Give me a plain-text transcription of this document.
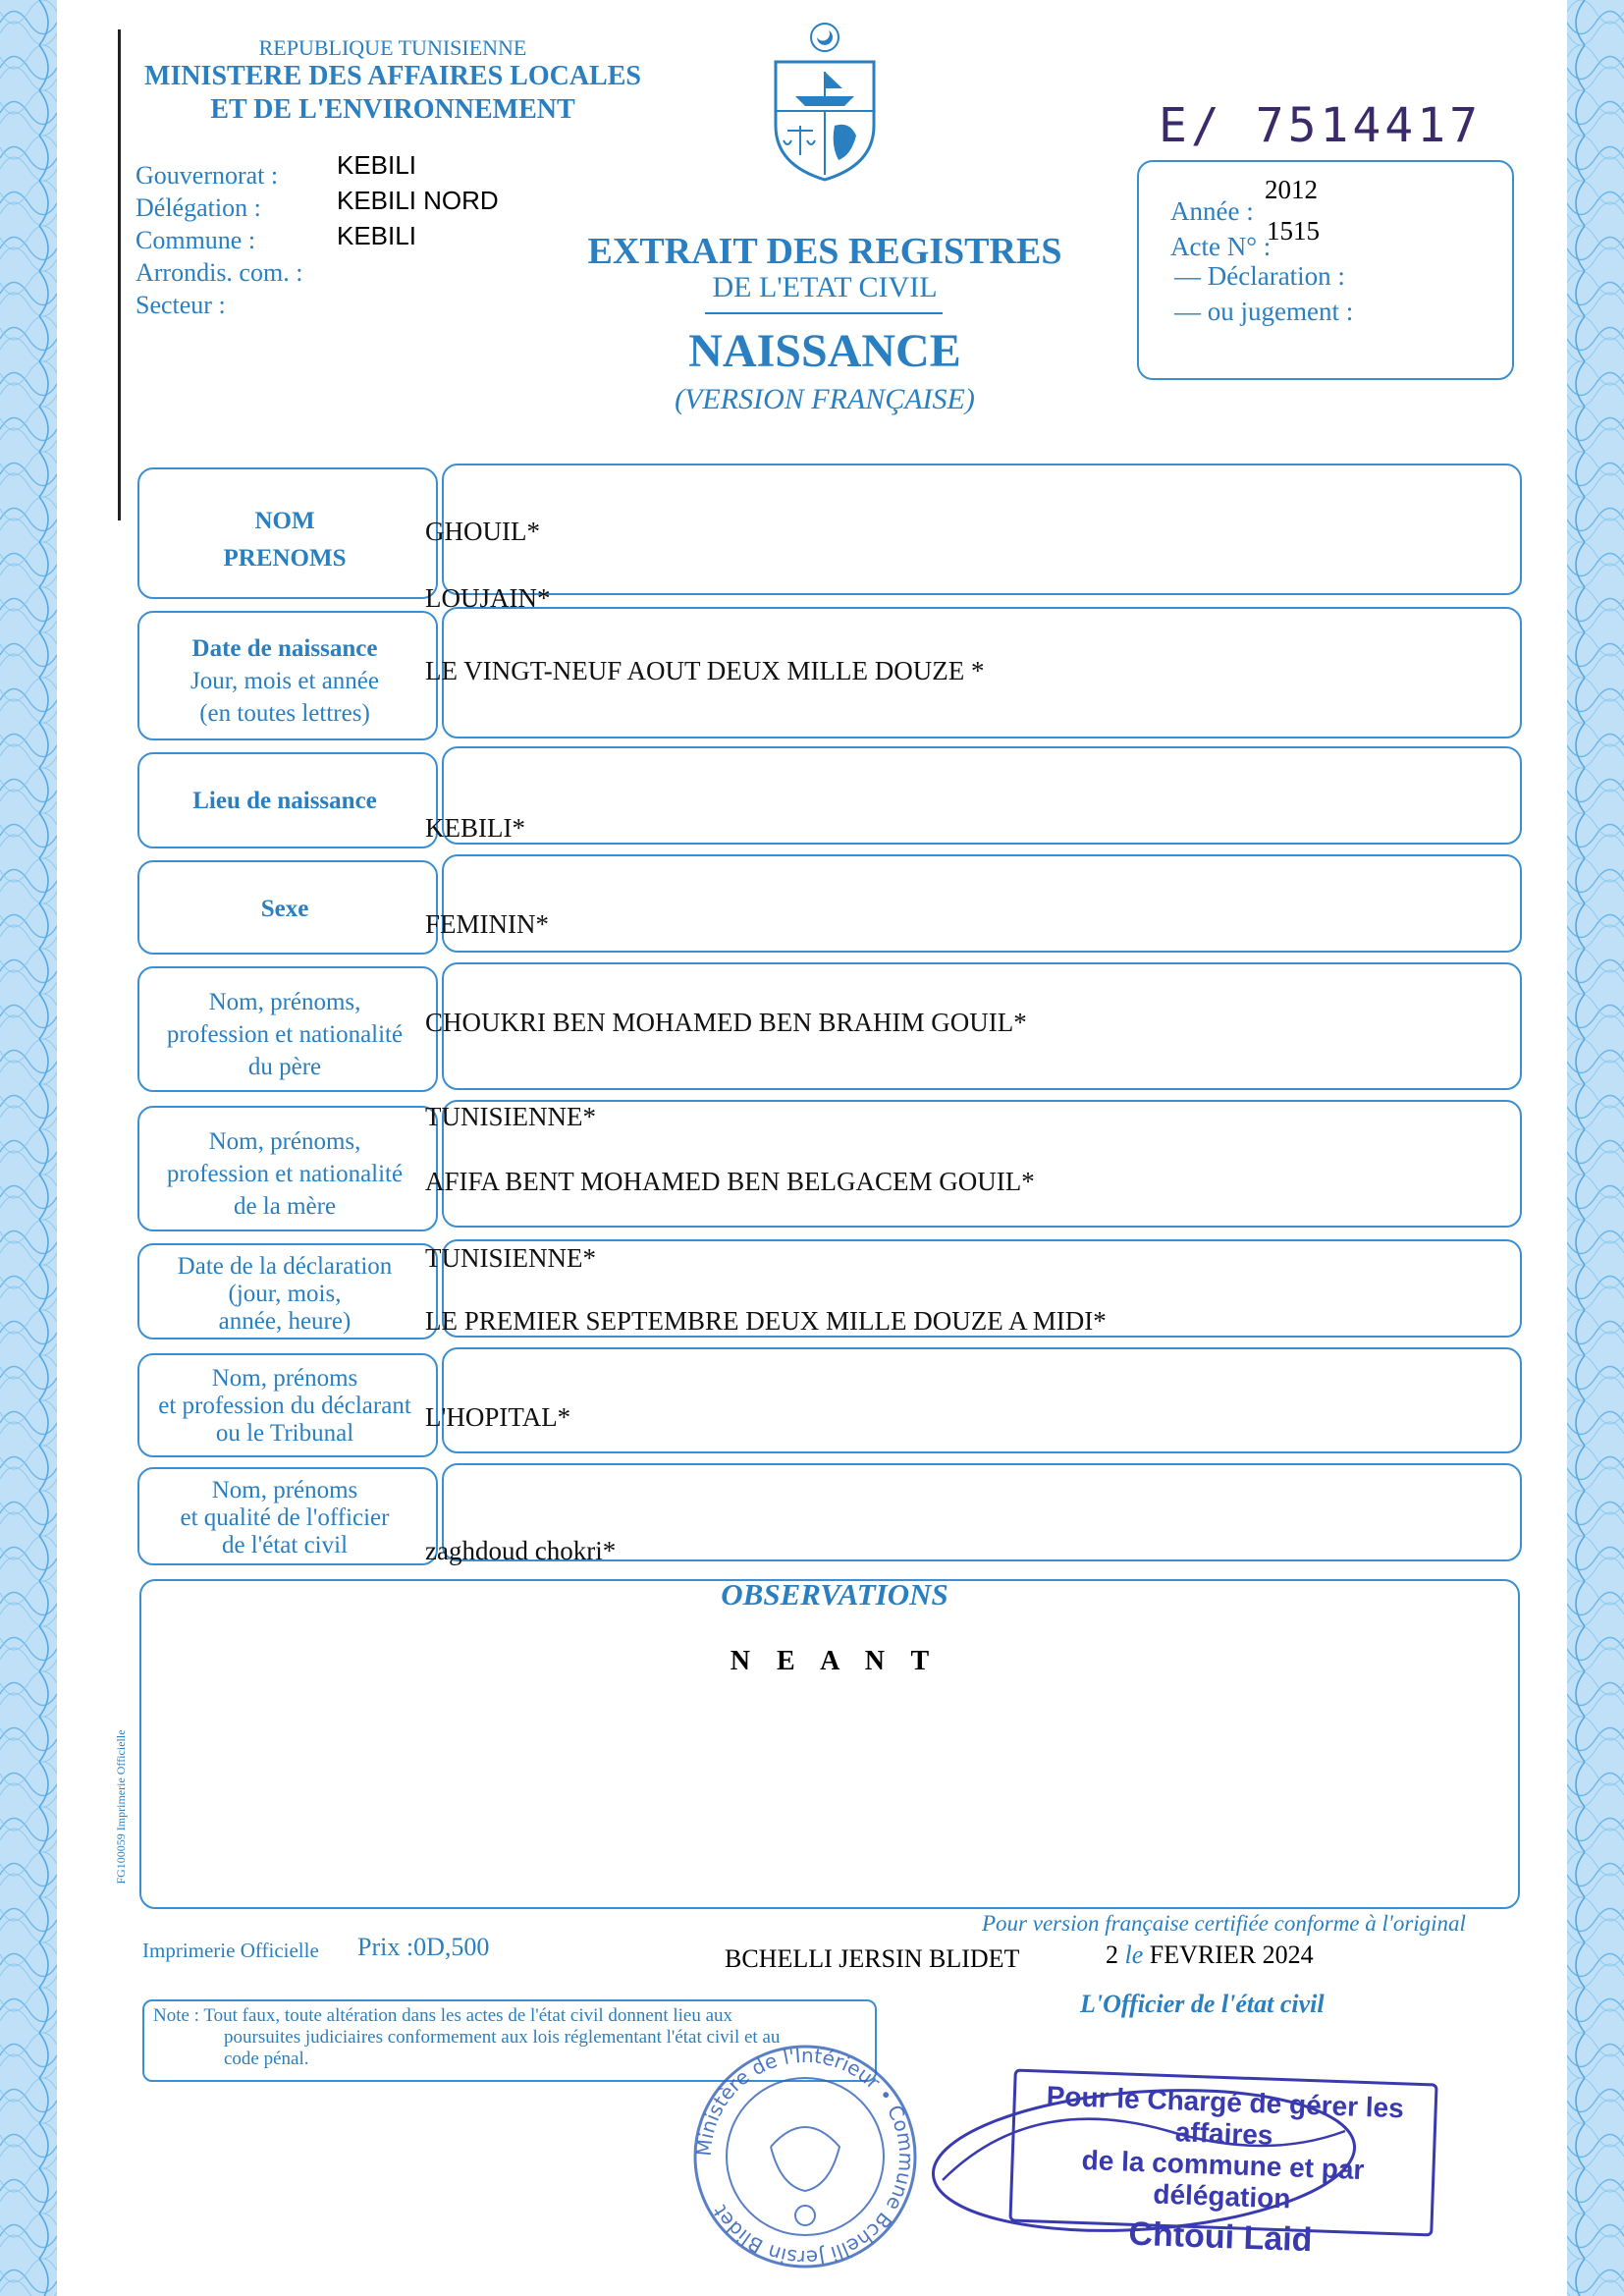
REPUBLIQUE TUNISIENNE
MINISTERE DES AFFAIRES LOCALES
ET DE L'ENVIRONNEMENT
Gouvernorat :
Délégation :
Commune :
Arrondis. com. :
Secteur :
KEBILI
KEBILI NORD
KEBILI	EXTRAIT DES REGISTRES
DE L'ETAT CIVIL
NAISSANCE
(VERSION FRANÇAISE)
E/ 7514417
Année :
2012
Acte N° :
1515
— Déclaration :
— ou jugement :
NOM
PRENOMS
Date de naissance
Jour, mois et année
(en toutes lettres)
Lieu de naissance
Sexe
Nom, prénoms,
profession et nationalité
du père
Nom, prénoms,
profession et nationalité
de la mère
Date de la déclaration
(jour, mois,
année, heure)
Nom, prénoms
et profession du déclarant
ou le Tribunal
Nom, prénoms
et qualité de l'officier
de l'état civil
GHOUIL*
LOUJAIN*
LE VINGT-NEUF AOUT DEUX MILLE DOUZE *
KEBILI*
FEMININ*
CHOUKRI BEN MOHAMED BEN BRAHIM GOUIL*
TUNISIENNE*
AFIFA BENT MOHAMED BEN BELGACEM GOUIL*
TUNISIENNE*
LE PREMIER SEPTEMBRE DEUX MILLE DOUZE A MIDI*
L'HOPITAL*
zaghdoud chokri*
OBSERVATIONS
N E A N T
FG100059 Imprimerie Officielle
Imprimerie Officielle Prix :0D,500
Pour version française certifiée conforme à l'original
BCHELLI JERSIN BLIDET	2 le FEVRIER 2024
L'Officier de l'état civil
Note : Tout faux, toute altération dans les actes de l'état civil donnent lieu aux
poursuites judiciaires conformement aux lois réglementant l'état civil et au
code pénal.
Ministère de l'Intérieur • Commune Bchelli Jersin Blidet
Pour le Chargé de gérer les affaires
de la commune et par délégation
Chtoui Laid
